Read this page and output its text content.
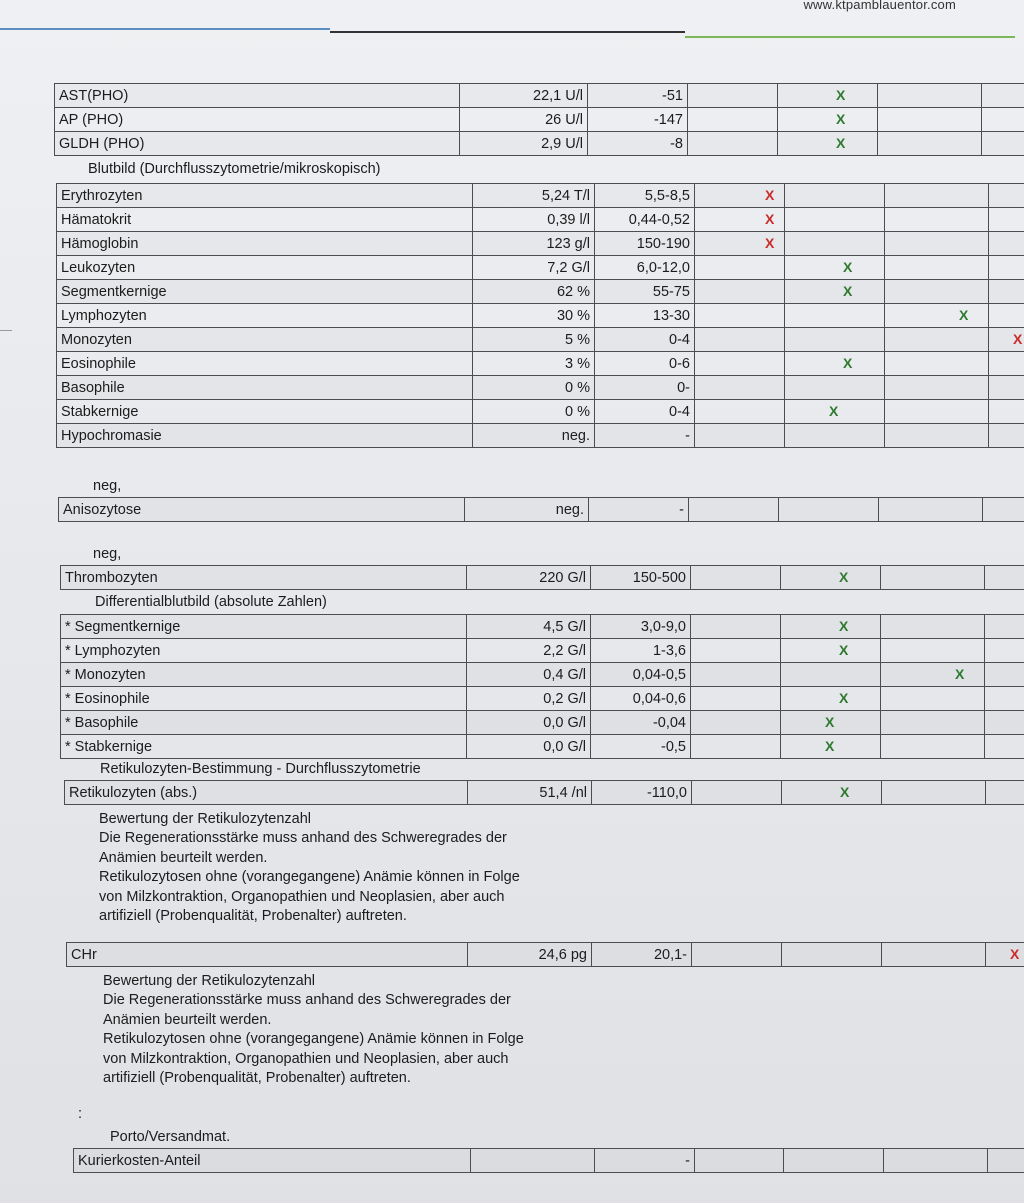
www.ktpamblauentor.com
AST(PHO)	22,1 U/l	-51		X		

AP (PHO)	26 U/l	-147		X		

GLDH (PHO)	2,9 U/l	-8		X		

Blutbild (Durchflusszytometrie/mikroskopisch)
Erythrozyten	5,24 T/l	5,5-8,5	X			

Hämatokrit	0,39 l/l	0,44-0,52	X			

Hämoglobin	123 g/l	150-190	X			

Leukozyten	7,2 G/l	6,0-12,0		X		

Segmentkernige	62 %	55-75		X		

Lymphozyten	30 %	13-30			X	

Monozyten	5 %	0-4				X

Eosinophile	3 %	0-6		X		

Basophile	0 %	0-				
Stabkernige	0 %	0-4		X		

Hypochromasie	neg.	-				
neg,
Anisozytose	neg.	-				
neg,
Thrombozyten	220 G/l	150-500		X

Differentialblutbild (absolute Zahlen)
* Segmentkernige	4,5 G/l	3,0-9,0		X		

* Lymphozyten	2,2 G/l	1-3,6		X		

* Monozyten	0,4 G/l	0,04-0,5			X	

* Eosinophile	0,2 G/l	0,04-0,6		X		

* Basophile	0,0 G/l	-0,04		X		

* Stabkernige	0,0 G/l	-0,5		X		

Retikulozyten-Bestimmung - Durchflusszytometrie
Retikulozyten (abs.)	51,4 /nl	-110,0		X

Bewertung der Retikulozytenzahl
Die Regenerationsstärke muss anhand des Schweregrades der
Anämien beurteilt werden.
Retikulozytosen ohne (vorangegangene) Anämie können in Folge
von Milzkontraktion, Organopathien und Neoplasien, aber auch
artifiziell (Probenqualität, Probenalter) auftreten.
CHr	24,6 pg	20,1-				X
Bewertung der Retikulozytenzahl
Die Regenerationsstärke muss anhand des Schweregrades der
Anämien beurteilt werden.
Retikulozytosen ohne (vorangegangene) Anämie können in Folge
von Milzkontraktion, Organopathien und Neoplasien, aber auch
artifiziell (Probenqualität, Probenalter) auftreten.
:
Porto/Versandmat.
Kurierkosten-Anteil		-				
